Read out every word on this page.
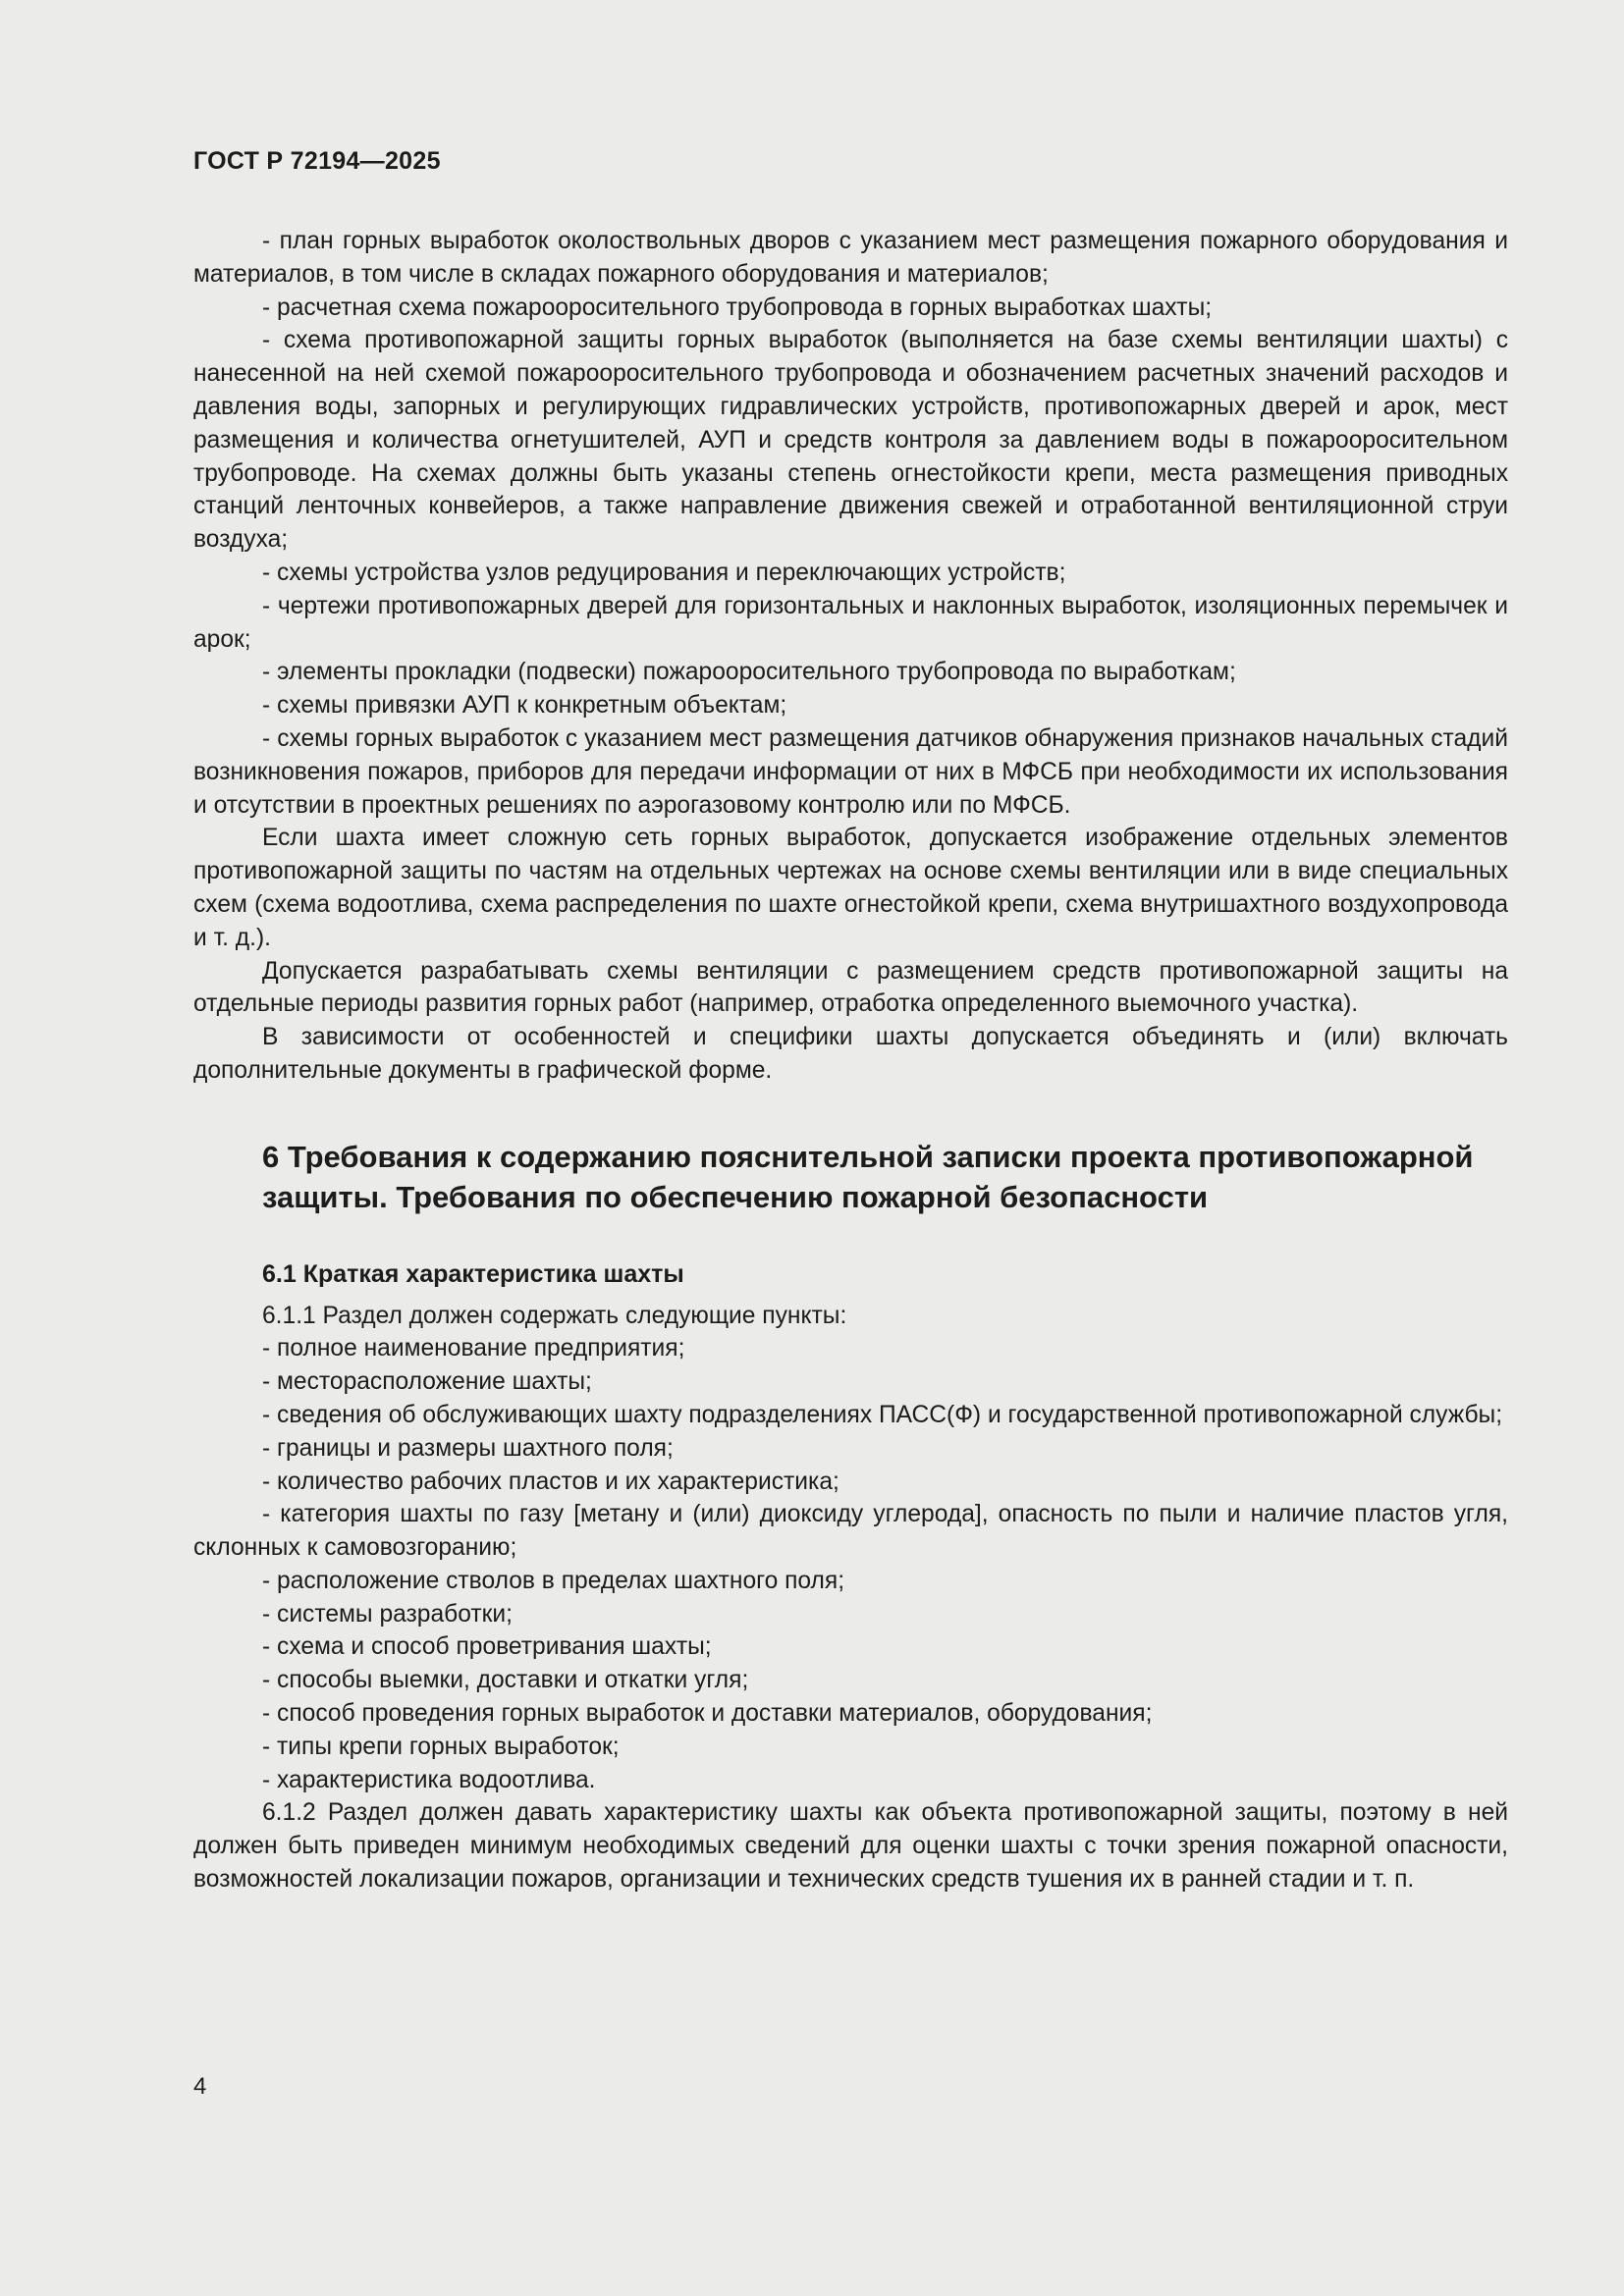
ГОСТ Р 72194—2025

- план горных выработок околоствольных дворов с указанием мест размещения пожарного оборудования и материалов, в том числе в складах пожарного оборудования и материалов;

- расчетная схема пожарооросительного трубопровода в горных выработках шахты;

- схема противопожарной защиты горных выработок (выполняется на базе схемы вентиляции шахты) с нанесенной на ней схемой пожарооросительного трубопровода и обозначением расчетных значений расходов и давления воды, запорных и регулирующих гидравлических устройств, противопожарных дверей и арок, мест размещения и количества огнетушителей, АУП и средств контроля за давлением воды в пожарооросительном трубопроводе. На схемах должны быть указаны степень огнестойкости крепи, места размещения приводных станций ленточных конвейеров, а также направление движения свежей и отработанной вентиляционной струи воздуха;

- схемы устройства узлов редуцирования и переключающих устройств;

- чертежи противопожарных дверей для горизонтальных и наклонных выработок, изоляционных перемычек и арок;

- элементы прокладки (подвески) пожарооросительного трубопровода по выработкам;

- схемы привязки АУП к конкретным объектам;

- схемы горных выработок с указанием мест размещения датчиков обнаружения признаков начальных стадий возникновения пожаров, приборов для передачи информации от них в МФСБ при необходимости их использования и отсутствии в проектных решениях по аэрогазовому контролю или по МФСБ.

Если шахта имеет сложную сеть горных выработок, допускается изображение отдельных элементов противопожарной защиты по частям на отдельных чертежах на основе схемы вентиляции или в виде специальных схем (схема водоотлива, схема распределения по шахте огнестойкой крепи, схема внутришахтного воздухопровода и т. д.).

Допускается разрабатывать схемы вентиляции с размещением средств противопожарной защиты на отдельные периоды развития горных работ (например, отработка определенного выемочного участка).

В зависимости от особенностей и специфики шахты допускается объединять и (или) включать дополнительные документы в графической форме.

6 Требования к содержанию пояснительной записки проекта противопожарной защиты. Требования по обеспечению пожарной безопасности

6.1 Краткая характеристика шахты

6.1.1 Раздел должен содержать следующие пункты:

- полное наименование предприятия;

- месторасположение шахты;

- сведения об обслуживающих шахту подразделениях ПАСС(Ф) и государственной противопожарной службы;

- границы и размеры шахтного поля;

- количество рабочих пластов и их характеристика;

- категория шахты по газу [метану и (или) диоксиду углерода], опасность по пыли и наличие пластов угля, склонных к самовозгоранию;

- расположение стволов в пределах шахтного поля;

- системы разработки;

- схема и способ проветривания шахты;

- способы выемки, доставки и откатки угля;

- способ проведения горных выработок и доставки материалов, оборудования;

- типы крепи горных выработок;

- характеристика водоотлива.

6.1.2 Раздел должен давать характеристику шахты как объекта противопожарной защиты, поэтому в ней должен быть приведен минимум необходимых сведений для оценки шахты с точки зрения пожарной опасности, возможностей локализации пожаров, организации и технических средств тушения их в ранней стадии и т. п.

4
